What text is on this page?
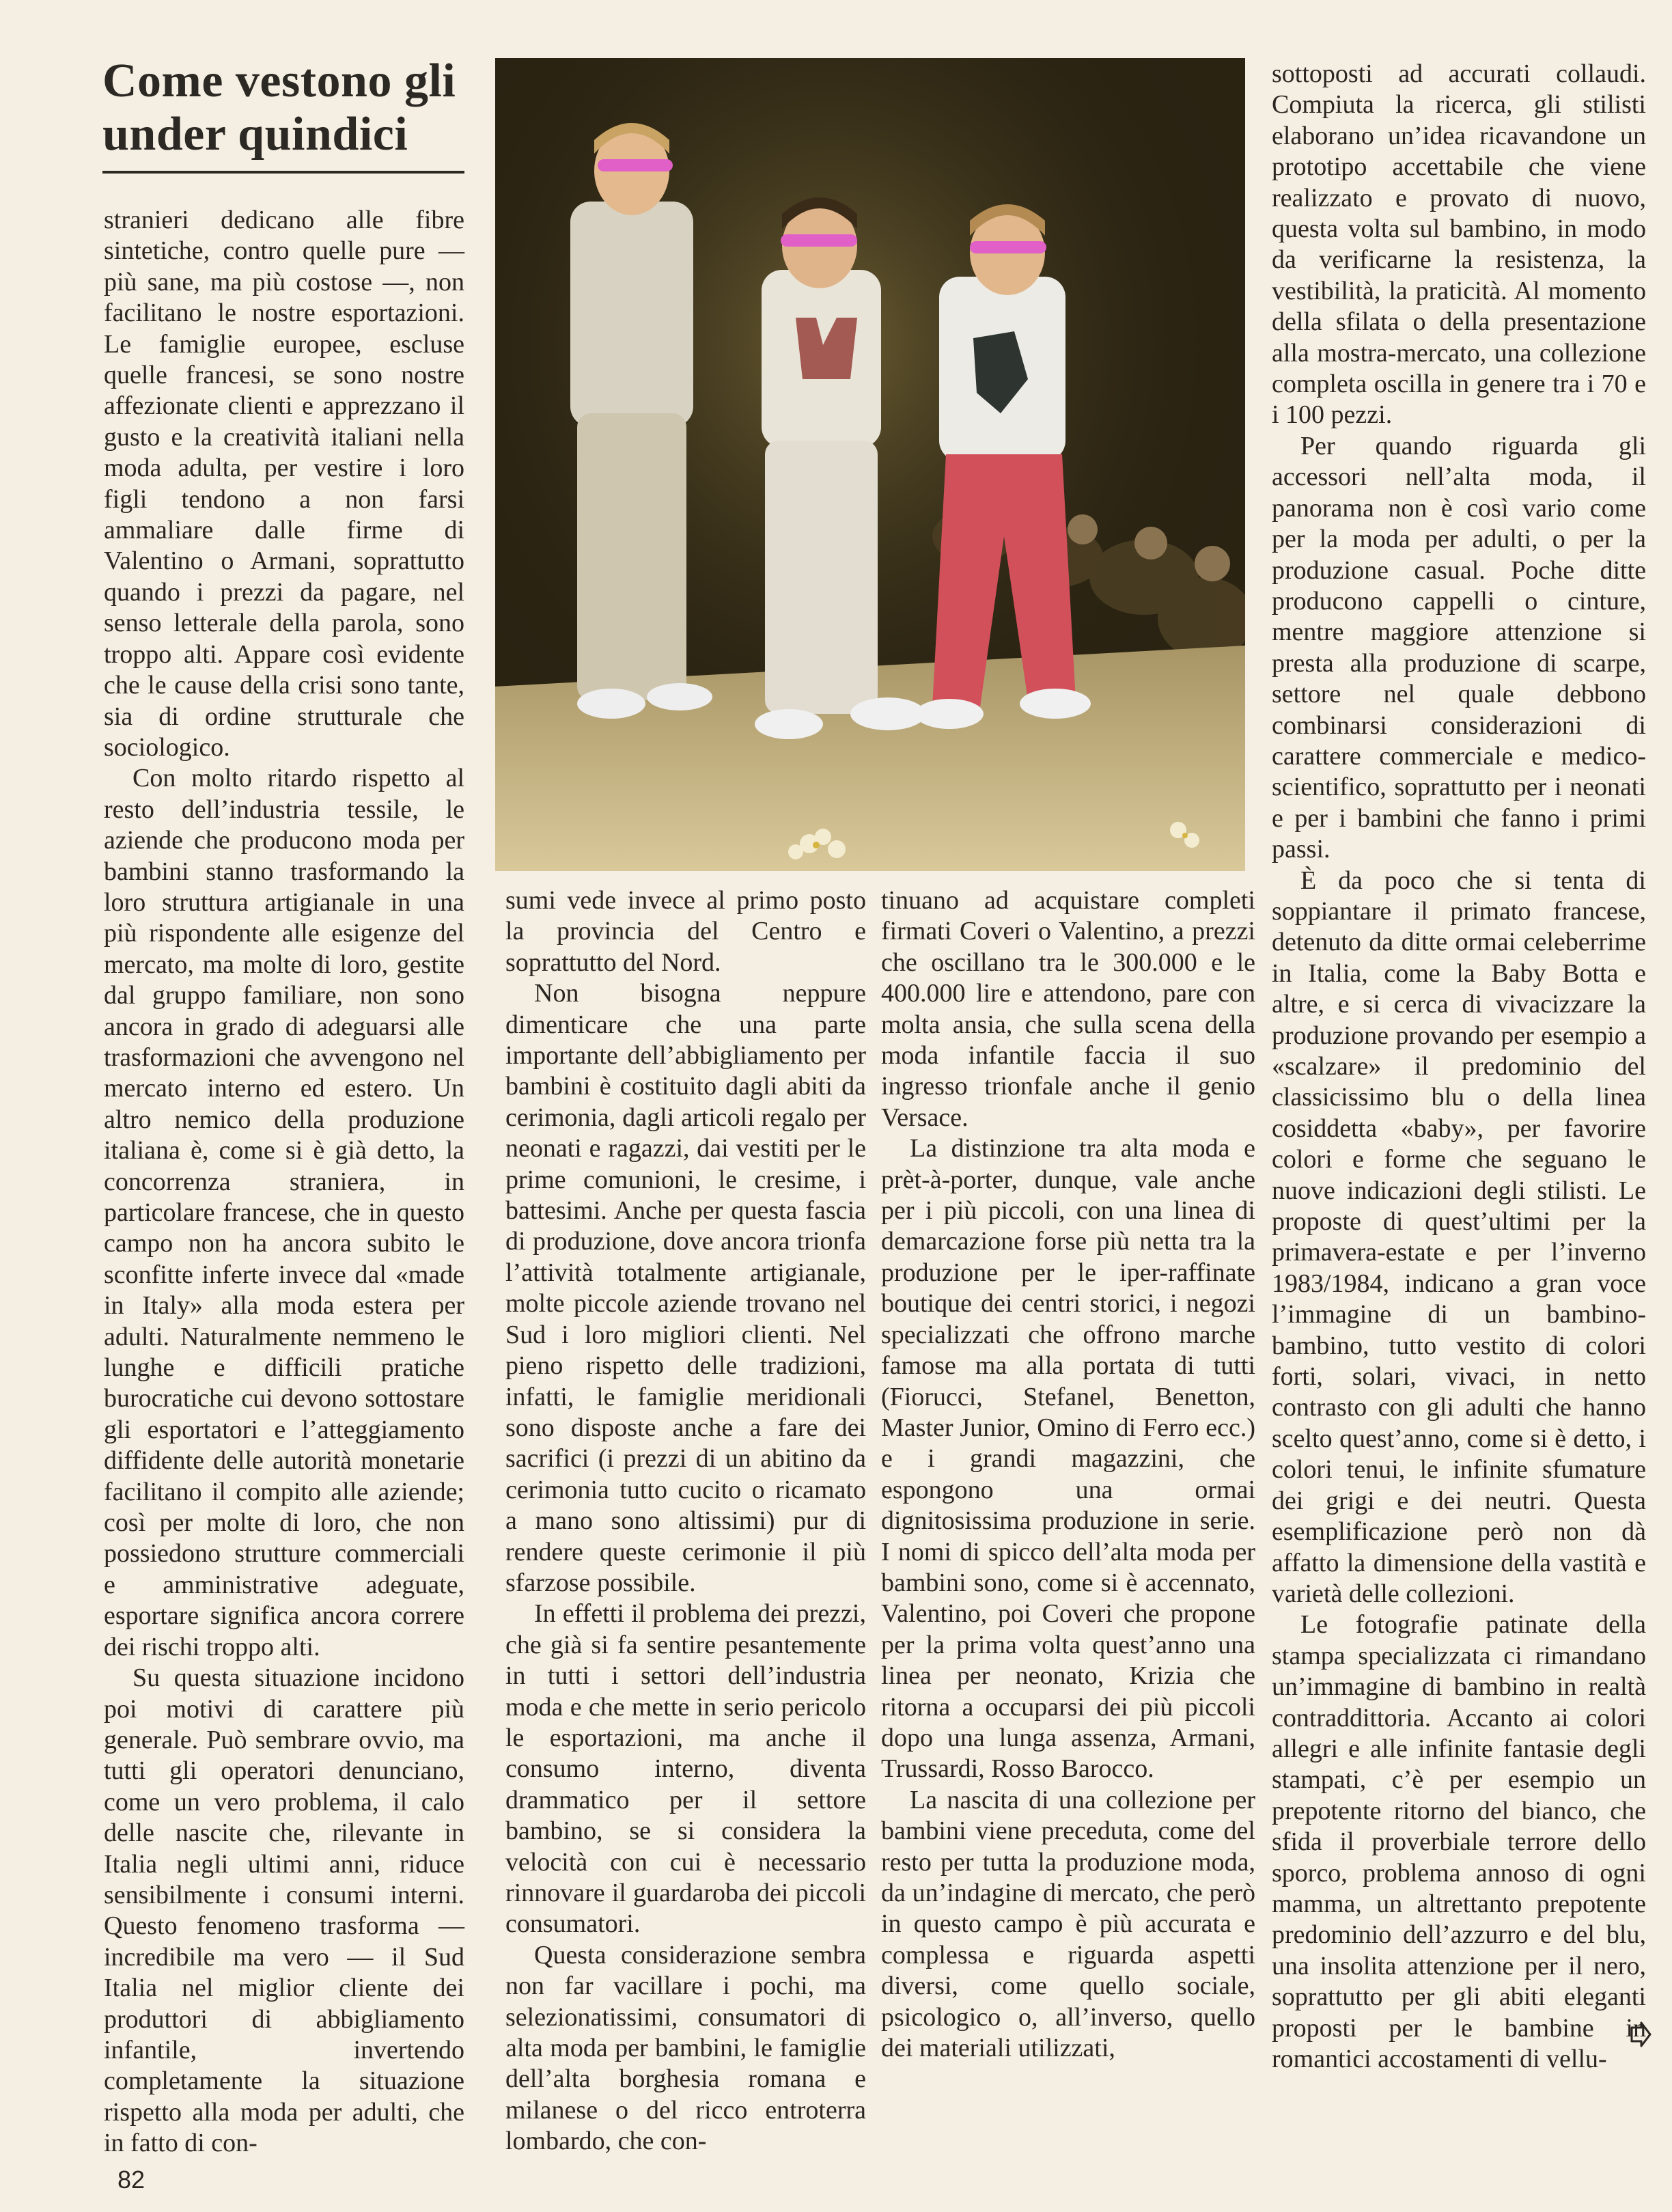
Come vestono gli under quindici

stranieri dedicano alle fibre sintetiche, contro quelle pure — più sane, ma più costose —, non facilitano le nostre esportazioni. Le famiglie europee, escluse quelle francesi, se sono nostre affezionate clienti e apprezzano il gusto e la creatività italiani nella moda adulta, per vestire i loro figli tendono a non farsi ammaliare dalle firme di Valentino o Armani, soprattutto quando i prezzi da pagare, nel senso letterale della parola, sono troppo alti. Appare così evidente che le cause della crisi sono tante, sia di ordine strutturale che sociologico.

Con molto ritardo rispetto al resto dell’industria tessile, le aziende che producono moda per bambini stanno trasformando la loro struttura artigianale in una più rispondente alle esigenze del mercato, ma molte di loro, gestite dal gruppo familiare, non sono ancora in grado di adeguarsi alle trasformazioni che avvengono nel mercato interno ed estero. Un altro nemico della produzione italiana è, come si è già detto, la concorrenza straniera, in particolare francese, che in questo campo non ha ancora subito le sconfitte inferte invece dal «made in Italy» alla moda estera per adulti. Naturalmente nemmeno le lunghe e difficili pratiche burocratiche cui devono sottostare gli esportatori e l’atteggiamento diffidente delle autorità monetarie facilitano il compito alle aziende; così per molte di loro, che non possiedono strutture commerciali e amministrative adeguate, esportare significa ancora correre dei rischi troppo alti.

Su questa situazione incidono poi motivi di carattere più generale. Può sembrare ovvio, ma tutti gli operatori denunciano, come un vero problema, il calo delle nascite che, rilevante in Italia negli ultimi anni, riduce sensibilmente i consumi interni. Questo fenomeno trasforma — incredibile ma vero — il Sud Italia nel miglior cliente dei produttori di abbigliamento infantile, invertendo completamente la situazione rispetto alla moda per adulti, che in fatto di con-

sumi vede invece al primo posto la provincia del Centro e soprattutto del Nord.

Non bisogna neppure dimenticare che una parte importante dell’abbigliamento per bambini è costituito dagli abiti da cerimonia, dagli articoli regalo per neonati e ragazzi, dai vestiti per le prime comunioni, le cresime, i battesimi. Anche per questa fascia di produzione, dove ancora trionfa l’attività totalmente artigianale, molte piccole aziende trovano nel Sud i loro migliori clienti. Nel pieno rispetto delle tradizioni, infatti, le famiglie meridionali sono disposte anche a fare dei sacrifici (i prezzi di un abitino da cerimonia tutto cucito o ricamato a mano sono altissimi) pur di rendere queste cerimonie il più sfarzose possibile.

In effetti il problema dei prezzi, che già si fa sentire pesantemente in tutti i settori dell’industria moda e che mette in serio pericolo le esportazioni, ma anche il consumo interno, diventa drammatico per il settore bambino, se si considera la velocità con cui è necessario rinnovare il guardaroba dei piccoli consumatori.

Questa considerazione sembra non far vacillare i pochi, ma selezionatissimi, consumatori di alta moda per bambini, le famiglie dell’alta borghesia romana e milanese o del ricco entroterra lombardo, che con-

tinuano ad acquistare completi firmati Coveri o Valentino, a prezzi che oscillano tra le 300.000 e le 400.000 lire e attendono, pare con molta ansia, che sulla scena della moda infantile faccia il suo ingresso trionfale anche il genio Versace.

La distinzione tra alta moda e prèt-à-porter, dunque, vale anche per i più piccoli, con una linea di demarcazione forse più netta tra la produzione per le iper-raffinate boutique dei centri storici, i negozi specializzati che offrono marche famose ma alla portata di tutti (Fiorucci, Stefanel, Benetton, Master Junior, Omino di Ferro ecc.) e i grandi magazzini, che espongono una ormai dignitosissima produzione in serie. I nomi di spicco dell’alta moda per bambini sono, come si è accennato, Valentino, poi Coveri che propone per la prima volta quest’anno una linea per neonato, Krizia che ritorna a occuparsi dei più piccoli dopo una lunga assenza, Armani, Trussardi, Rosso Barocco.

La nascita di una collezione per bambini viene preceduta, come del resto per tutta la produzione moda, da un’indagine di mercato, che però in questo campo è più accurata e complessa e riguarda aspetti diversi, come quello sociale, psicologico o, all’inverso, quello dei materiali utilizzati,

sottoposti ad accurati collaudi. Compiuta la ricerca, gli stilisti elaborano un’idea ricavandone un prototipo accettabile che viene realizzato e provato di nuovo, questa volta sul bambino, in modo da verificarne la resistenza, la vestibilità, la praticità. Al momento della sfilata o della presentazione alla mostra-mercato, una collezione completa oscilla in genere tra i 70 e i 100 pezzi.

Per quando riguarda gli accessori nell’alta moda, il panorama non è così vario come per la moda per adulti, o per la produzione casual. Poche ditte producono cappelli o cinture, mentre maggiore attenzione si presta alla produzione di scarpe, settore nel quale debbono combinarsi considerazioni di carattere commerciale e medico-scientifico, soprattutto per i neonati e per i bambini che fanno i primi passi.

È da poco che si tenta di soppiantare il primato francese, detenuto da ditte ormai celeberrime in Italia, come la Baby Botta e altre, e si cerca di vivacizzare la produzione provando per esempio a «scalzare» il predominio del classicissimo blu o della linea cosiddetta «baby», per favorire colori e forme che seguano le nuove indicazioni degli stilisti. Le proposte di quest’ultimi per la primavera-estate e per l’inverno 1983/1984, indicano a gran voce l’immagine di un bambino-bambino, tutto vestito di colori forti, solari, vivaci, in netto contrasto con gli adulti che hanno scelto quest’anno, come si è detto, i colori tenui, le infinite sfumature dei grigi e dei neutri. Questa esemplificazione però non dà affatto la dimensione della vastità e varietà delle collezioni.

Le fotografie patinate della stampa specializzata ci rimandano un’immagine di bambino in realtà contraddittoria. Accanto ai colori allegri e alle infinite fantasie degli stampati, c’è per esempio un prepotente ritorno del bianco, che sfida il proverbiale terrore dello sporco, problema annoso di ogni mamma, un altrettanto prepotente predominio dell’azzurro e del blu, una insolita attenzione per il nero, soprattutto per gli abiti eleganti proposti per le bambine in romantici accostamenti di vellu-

82
